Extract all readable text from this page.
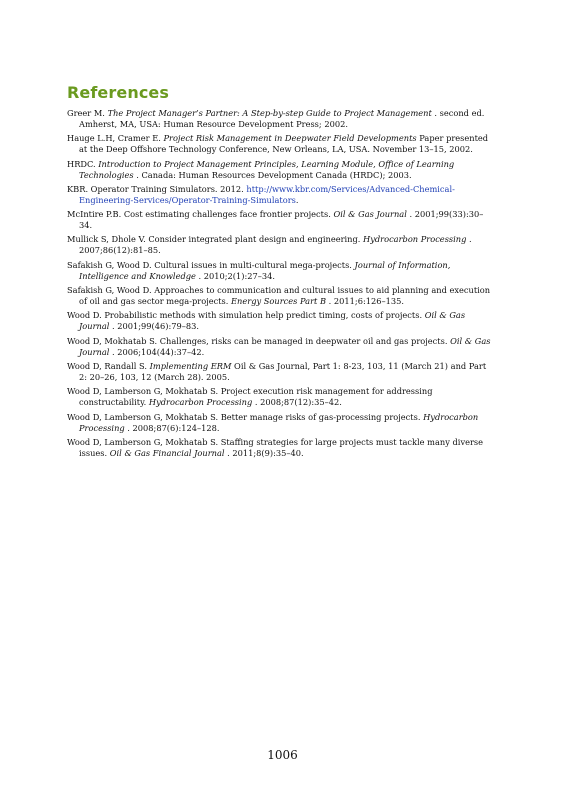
References

Greer M. The Project Manager’s Partner: A Step-by-step Guide to Project Management . second ed. Amherst, MA, USA: Human Resource Development Press; 2002.

Hauge L.H, Cramer E. Project Risk Management in Deepwater Field Developments Paper presented at the Deep Offshore Technology Conference, New Orleans, LA, USA. November 13–15, 2002.

HRDC. Introduction to Project Management Principles, Learning Module, Office of Learning Technologies . Canada: Human Resources Development Canada (HRDC); 2003.

KBR. Operator Training Simulators. 2012. http://www.kbr.com/Services/Advanced-Chemical-Engineering-Services/Operator-Training-Simulators.

McIntire P.B. Cost estimating challenges face frontier projects. Oil & Gas Journal . 2001;99(33):30–34.

Mullick S, Dhole V. Consider integrated plant design and engineering. Hydrocarbon Processing . 2007;86(12):81–85.

Safakish G, Wood D. Cultural issues in multi-cultural mega-projects. Journal of Information, Intelligence and Knowledge . 2010;2(1):27–34.

Safakish G, Wood D. Approaches to communication and cultural issues to aid planning and execution of oil and gas sector mega-projects. Energy Sources Part B . 2011;6:126–135.

Wood D. Probabilistic methods with simulation help predict timing, costs of projects. Oil & Gas Journal . 2001;99(46):79–83.

Wood D, Mokhatab S. Challenges, risks can be managed in deepwater oil and gas projects. Oil & Gas Journal . 2006;104(44):37–42.

Wood D, Randall S. Implementing ERM Oil & Gas Journal, Part 1: 8-23, 103, 11 (March 21) and Part 2: 20–26, 103, 12 (March 28). 2005.

Wood D, Lamberson G, Mokhatab S. Project execution risk management for addressing constructability. Hydrocarbon Processing . 2008;87(12):35–42.

Wood D, Lamberson G, Mokhatab S. Better manage risks of gas-processing projects. Hydrocarbon Processing . 2008;87(6):124–128.

Wood D, Lamberson G, Mokhatab S. Staffing strategies for large projects must tackle many diverse issues. Oil & Gas Financial Journal . 2011;8(9):35–40.

1006
